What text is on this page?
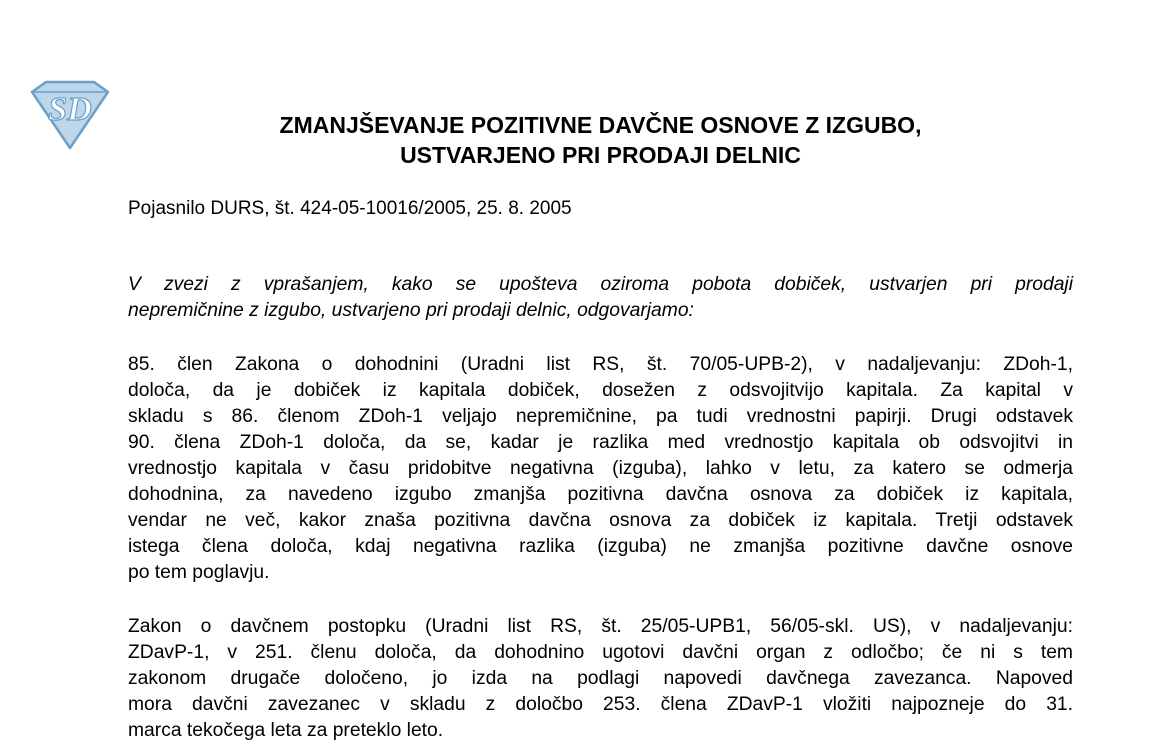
SD	ZMANJŠEVANJE POZITIVNE DAVČNE OSNOVE Z IZGUBO,
USTVARJENO PRI PRODAJI DELNIC

Pojasnilo DURS, št. 424-05-10016/2005, 25. 8. 2005

V zvezi z vprašanjem, kako se upošteva oziroma pobota dobiček, ustvarjen pri prodaji
nepremičnine z izgubo, ustvarjeno pri prodaji delnic, odgovarjamo:

85. člen Zakona o dohodnini (Uradni list RS, št. 70/05-UPB-2), v nadaljevanju: ZDoh-1,
določa, da je dobiček iz kapitala dobiček, dosežen z odsvojitvijo kapitala. Za kapital v
skladu s 86. členom ZDoh-1 veljajo nepremičnine, pa tudi vrednostni papirji. Drugi odstavek
90. člena ZDoh-1 določa, da se, kadar je razlika med vrednostjo kapitala ob odsvojitvi in
vrednostjo kapitala v času pridobitve negativna (izguba), lahko v letu, za katero se odmerja
dohodnina, za navedeno izgubo zmanjša pozitivna davčna osnova za dobiček iz kapitala,
vendar ne več, kakor znaša pozitivna davčna osnova za dobiček iz kapitala. Tretji odstavek
istega člena določa, kdaj negativna razlika (izguba) ne zmanjša pozitivne davčne osnove
po tem poglavju.

Zakon o davčnem postopku (Uradni list RS, št. 25/05-UPB1, 56/05-skl. US), v nadaljevanju:
ZDavP-1, v 251. členu določa, da dohodnino ugotovi davčni organ z odločbo; če ni s tem
zakonom drugače določeno, jo izda na podlagi napovedi davčnega zavezanca. Napoved
mora davčni zavezanec v skladu z določbo 253. člena ZDavP-1 vložiti najpozneje do 31.
marca tekočega leta za preteklo leto.
